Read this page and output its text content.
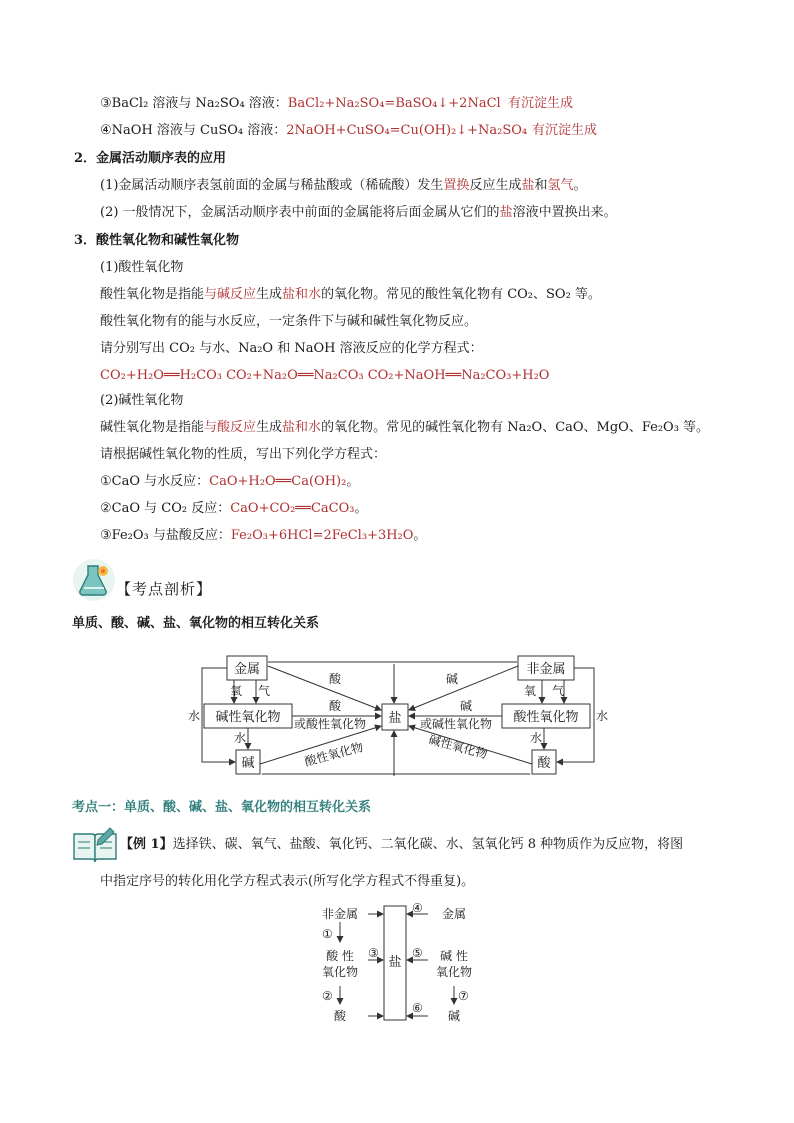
③BaCl₂ 溶液与 Na₂SO₄ 溶液：BaCl₂+Na₂SO₄=BaSO₄↓+2NaCl 有沉淀生成
④NaOH 溶液与 CuSO₄ 溶液：2NaOH+CuSO₄=Cu(OH)₂↓+Na₂SO₄ 有沉淀生成
2．金属活动顺序表的应用
(1)金属活动顺序表氢前面的金属与稀盐酸或（稀硫酸）发生置换反应生成盐和氢气。
(2) 一般情况下，金属活动顺序表中前面的金属能将后面金属从它们的盐溶液中置换出来。
3．酸性氧化物和碱性氧化物
(1)酸性氧化物
酸性氧化物是指能与碱反应生成盐和水的氧化物。常见的酸性氧化物有 CO₂、SO₂ 等。
酸性氧化物有的能与水反应，一定条件下与碱和碱性氧化物反应。
请分别写出 CO₂ 与水、Na₂O 和 NaOH 溶液反应的化学方程式：
CO₂+H₂O══H₂CO₃ CO₂+Na₂O══Na₂CO₃ CO₂+NaOH══Na₂CO₃+H₂O
(2)碱性氧化物
碱性氧化物是指能与酸反应生成盐和水的氧化物。常见的碱性氧化物有 Na₂O、CaO、MgO、Fe₂O₃ 等。
请根据碱性氧化物的性质，写出下列化学方程式：
①CaO 与水反应：CaO+H₂O══Ca(OH)₂。
②CaO 与 CO₂ 反应：CaO+CO₂══CaCO₃。
③Fe₂O₃ 与盐酸反应：Fe₂O₃+6HCl=2FeCl₃+3H₂O。
【考点剖析】
单质、酸、碱、盐、氧化物的相互转化关系
金属
碱性氧化物
碱
盐
非金属
酸性氧化物
酸
氧 气	氧 气
水	水
水	水
酸	碱
酸
或酸性氧化物
碱
或碱性氧化物
酸性氧化物	碱性氧化物
考点一：单质、酸、碱、盐、氧化物的相互转化关系
【例 1】选择铁、碳、氧气、盐酸、氧化钙、二氧化碳、水、氢氧化钙 8 种物质作为反应物，将图
中指定序号的转化用化学方程式表示(所写化学方程式不得重复)。
非金属	金属
酸 性
氧化物
碱 性
氧化物
酸	碱
盐
①
②
③
④
⑤
⑥
⑦
